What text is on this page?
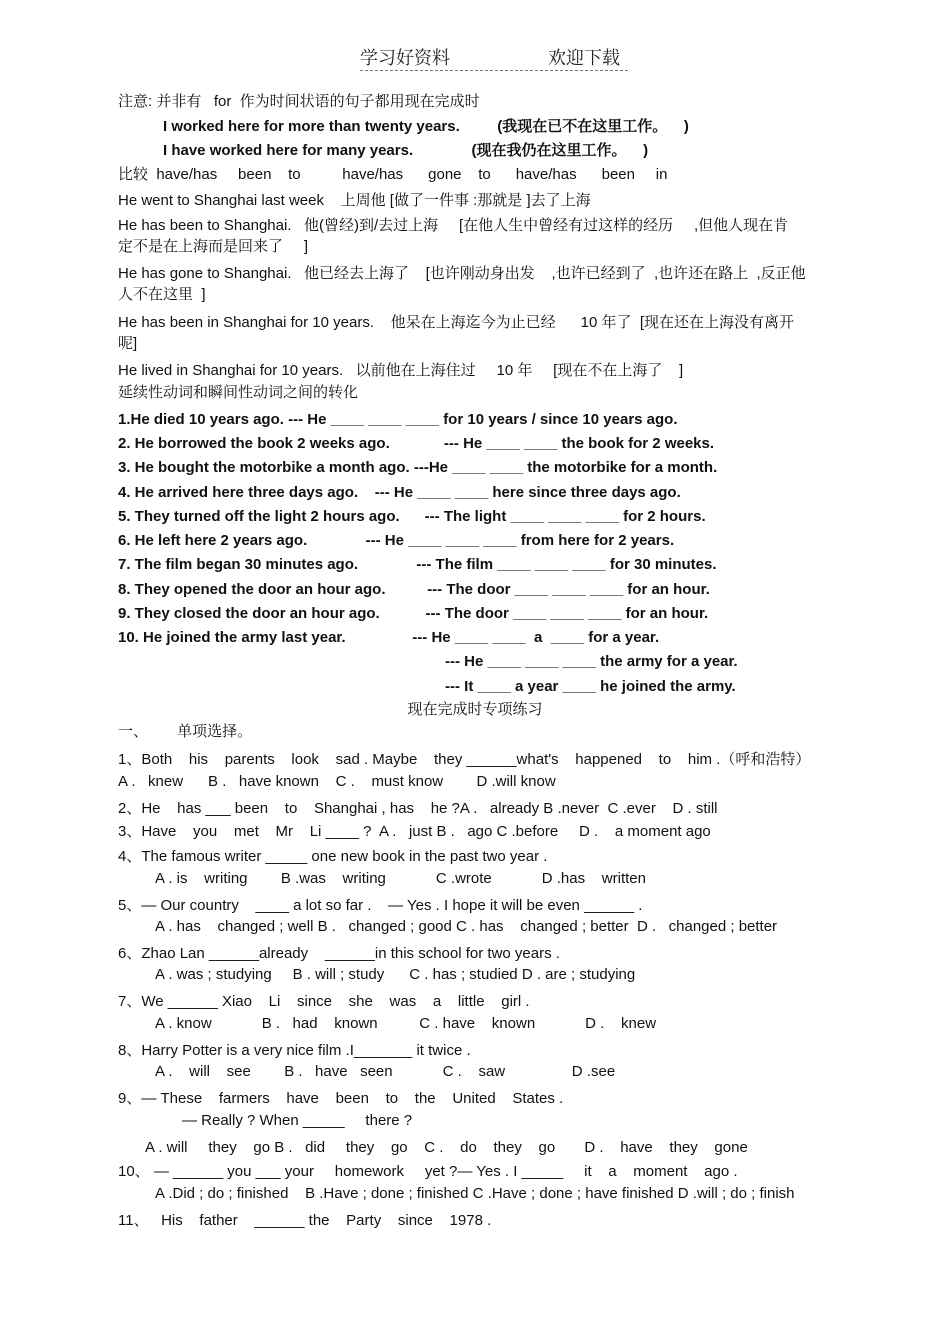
学习好资料	欢迎下载
注意: 并非有   for  作为时间状语的句子都用现在完成时
I worked here for more than twenty years.         (我现在已不在这里工作。    )
I have worked here for many years.              (现在我仍在这里工作。    )
比较  have/has     been    to          have/has      gone    to      have/has      been     in
He went to Shanghai last week    上周他 [做了一件事 :那就是 ]去了上海
He has been to Shanghai.   他(曾经)到/去过上海     [在他人生中曾经有过这样的经历     ,但他人现在肯
定不是在上海而是回来了     ]
He has gone to Shanghai.   他已经去上海了    [也许刚动身出发    ,也许已经到了  ,也许还在路上  ,反正他
人不在这里  ]
He has been in Shanghai for 10 years.    他呆在上海迄今为止已经      10 年了  [现在还在上海没有离开
呢]
He lived in Shanghai for 10 years.   以前他在上海住过     10 年     [现在不在上海了    ]
延续性动词和瞬间性动词之间的转化
1.He died 10 years ago. --- He ____ ____ ____ for 10 years / since 10 years ago.
2. He borrowed the book 2 weeks ago.             --- He ____ ____ the book for 2 weeks.
3. He bought the motorbike a month ago. ---He ____ ____ the motorbike for a month.
4. He arrived here three days ago.    --- He ____ ____ here since three days ago.
5. They turned off the light 2 hours ago.      --- The light ____ ____ ____ for 2 hours.
6. He left here 2 years ago.              --- He ____ ____ ____ from here for 2 years.
7. The film began 30 minutes ago.              --- The film ____ ____ ____ for 30 minutes.
8. They opened the door an hour ago.          --- The door ____ ____ ____ for an hour.
9. They closed the door an hour ago.           --- The door ____ ____ ____ for an hour.
10. He joined the army last year.                --- He ____ ____  a  ____ for a year.
--- He ____ ____ ____ the army for a year.
--- It ____ a year ____ he joined the army.
一、       单项选择。
1、Both    his    parents    look    sad . Maybe    they ______what's    happened    to    him .（呼和浩特）
A .   knew      B .   have known    C .    must know        D .will know
2、He    has ___ been    to    Shanghai , has    he ?A .   already B .never  C .ever    D . still
3、Have    you    met    Mr    Li ____ ?  A .   just B .   ago C .before     D .    a moment ago
4、The famous writer _____ one new book in the past two year .
A . is    writing        B .was    writing            C .wrote            D .has    written
5、— Our country    ____ a lot so far .    — Yes . I hope it will be even ______ .
A . has    changed ; well B .   changed ; good C . has    changed ; better  D .   changed ; better
6、Zhao Lan ______already    ______in this school for two years .
A . was ; studying     B . will ; study      C . has ; studied D . are ; studying
7、We ______ Xiao    Li    since    she    was    a    little    girl .
A . know            B .   had    known          C . have    known            D .    knew
8、Harry Potter is a very nice film .I_______ it twice .
A .    will    see        B .   have   seen            C .    saw                D .see
9、— These    farmers    have    been    to    the    United    States .
— Really ? When _____     there ?
A . will     they    go B .   did     they    go    C .    do    they    go       D .    have    they    gone
10、 — ______ you ___ your     homework     yet ?— Yes . I _____     it    a    moment    ago .
A .Did ; do ; finished    B .Have ; done ; finished C .Have ; done ; have finished D .will ; do ; finish
11、   His    father    ______ the    Party    since    1978 .
现在完成时专项练习
